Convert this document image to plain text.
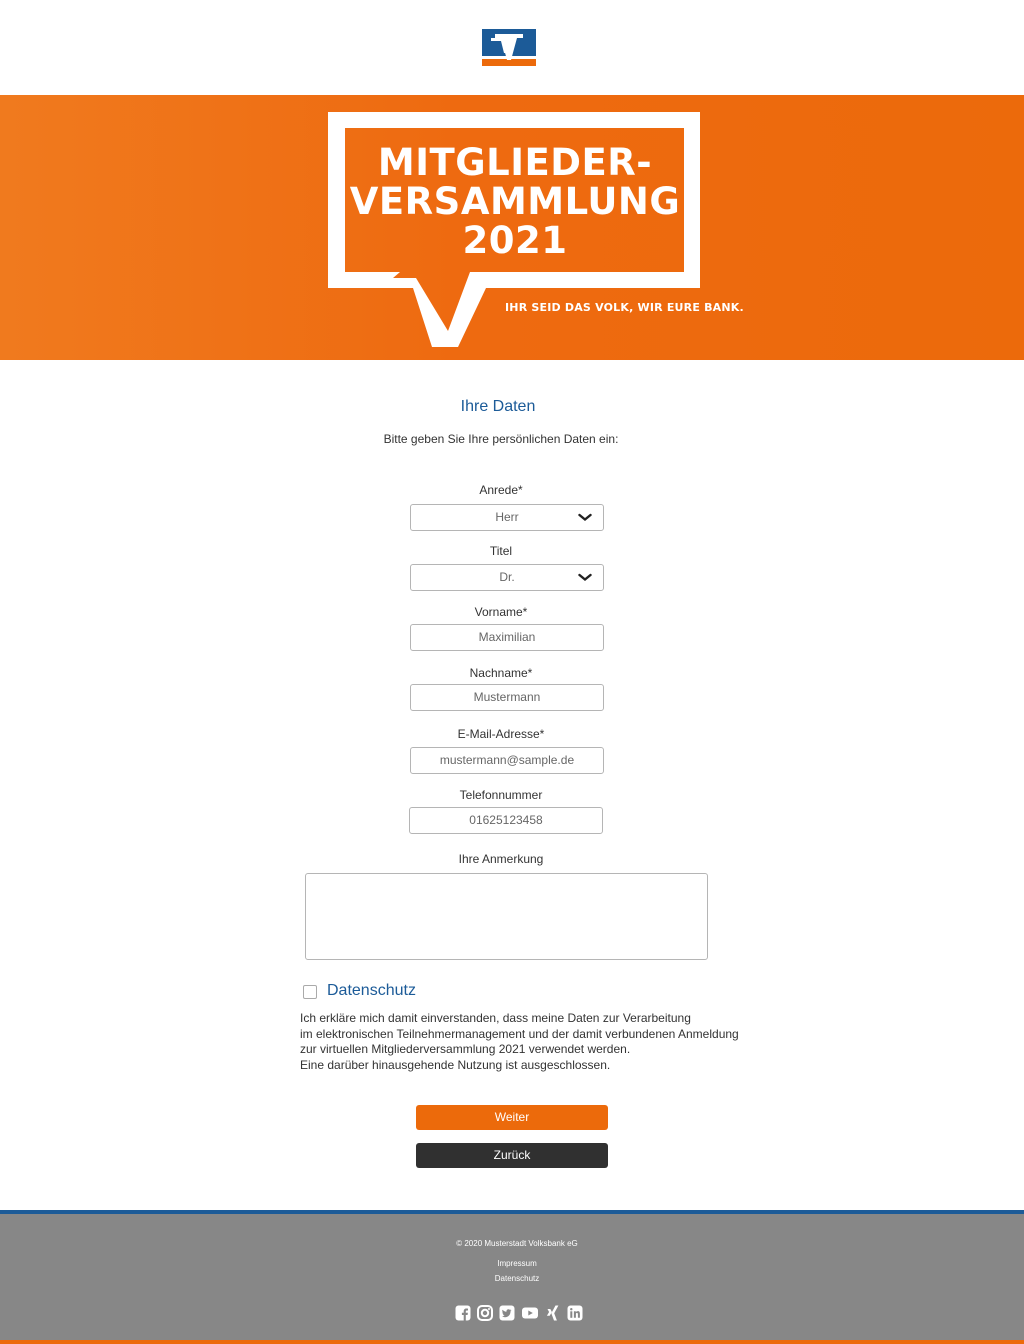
MITGLIEDER-
VERSAMMLUNG
2021
IHR SEID DAS VOLK, WIR EURE BANK.
Ihre Daten
Bitte geben Sie Ihre persönlichen Daten ein:
Anrede*
Herr
Titel
Dr.
Vorname*
Maximilian
Nachname*
Mustermann
E-Mail-Adresse*
mustermann@sample.de
Telefonnummer
01625123458
Ihre Anmerkung
Datenschutz
Ich erkläre mich damit einverstanden, dass meine Daten zur Verarbeitung
im elektronischen Teilnehmermanagement und der damit verbundenen Anmeldung
zur virtuellen Mitgliederversammlung 2021 verwendet werden.
Eine darüber hinausgehende Nutzung ist ausgeschlossen.
Weiter
Zurück
© 2020 Musterstadt Volksbank eG
Impressum
Datenschutz
